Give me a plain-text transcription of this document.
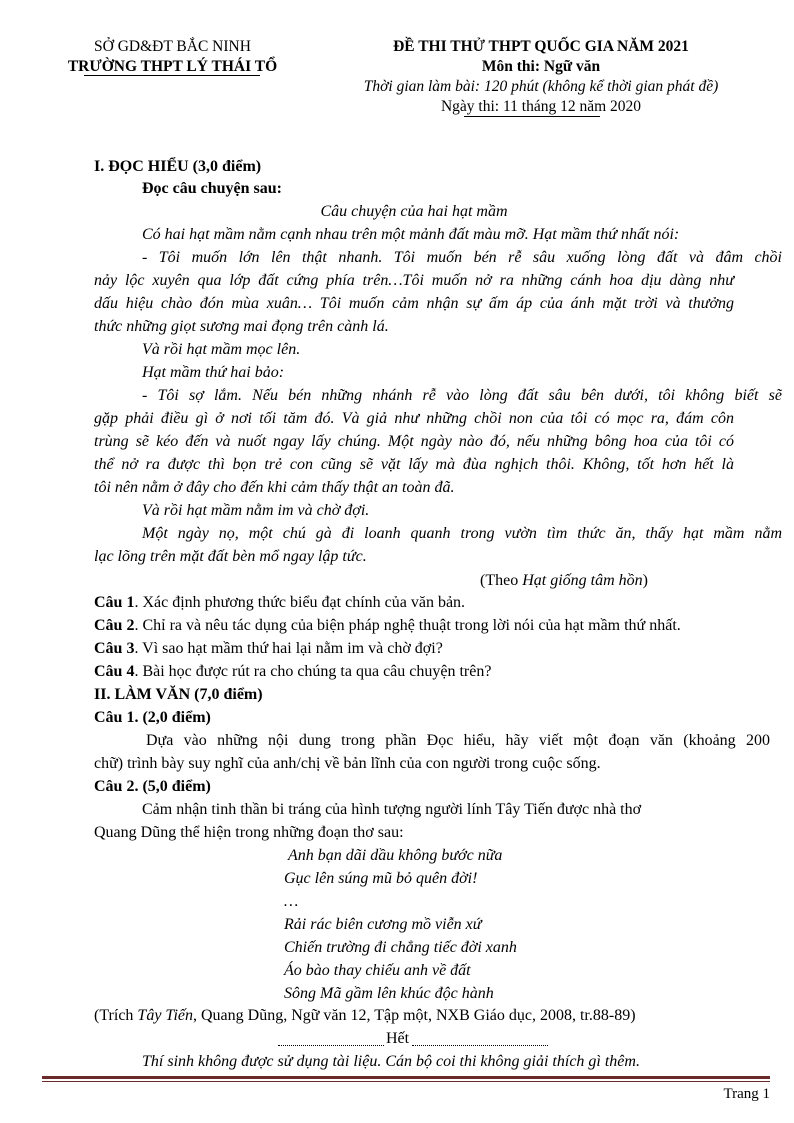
SỞ GD&ĐT BẮC NINH
TRƯỜNG THPT LÝ THÁI TỔ
ĐỀ THI THỬ THPT QUỐC GIA NĂM 2021
Môn thi: Ngữ văn
Thời gian làm bài: 120 phút (không kể thời gian phát đề)
Ngày thi: 11 tháng 12 năm 2020
I. ĐỌC HIỂU (3,0 điểm)
Đọc câu chuyện sau:
Câu chuyện của hai hạt mầm
Có hai hạt mầm nằm cạnh nhau trên một mảnh đất màu mỡ. Hạt mầm thứ nhất nói:
- Tôi muốn lớn lên thật nhanh. Tôi muốn bén rễ sâu xuống lòng đất và đâm chồi
nảy lộc xuyên qua lớp đất cứng phía trên…Tôi muốn nở ra những cánh hoa dịu dàng như
dấu hiệu chào đón mùa xuân… Tôi muốn cảm nhận sự ấm áp của ánh mặt trời và thưởng
thức những giọt sương mai đọng trên cành lá.
Và rồi hạt mầm mọc lên.
Hạt mầm thứ hai bảo:
- Tôi sợ lắm. Nếu bén những nhánh rễ vào lòng đất sâu bên dưới, tôi không biết sẽ
gặp phải điều gì ở nơi tối tăm đó. Và giả như những chồi non của tôi có mọc ra, đám côn
trùng sẽ kéo đến và nuốt ngay lấy chúng. Một ngày nào đó, nếu những bông hoa của tôi có
thể nở ra được thì bọn trẻ con cũng sẽ vặt lấy mà đùa nghịch thôi. Không, tốt hơn hết là
tôi nên nằm ở đây cho đến khi cảm thấy thật an toàn đã.
Và rồi hạt mầm nằm im và chờ đợi.
Một ngày nọ, một chú gà đi loanh quanh trong vườn tìm thức ăn, thấy hạt mầm nằm
lạc lõng trên mặt đất bèn mổ ngay lập tức.
(Theo Hạt giống tâm hồn)
Câu 1. Xác định phương thức biểu đạt chính của văn bản.
Câu 2. Chỉ ra và nêu tác dụng của biện pháp nghệ thuật trong lời nói của hạt mầm thứ nhất.
Câu 3. Vì sao hạt mầm thứ hai lại nằm im và chờ đợi?
Câu 4. Bài học được rút ra cho chúng ta qua câu chuyện trên?
II. LÀM VĂN (7,0 điểm)
Câu 1. (2,0 điểm)
Dựa vào những nội dung trong phần Đọc hiểu, hãy viết một đoạn văn (khoảng 200
chữ) trình bày suy nghĩ của anh/chị về bản lĩnh của con người trong cuộc sống.
Câu 2. (5,0 điểm)
Cảm nhận tinh thần bi tráng của hình tượng người lính Tây Tiến được nhà thơ
Quang Dũng thể hiện trong những đoạn thơ sau:
Anh bạn dãi dầu không bước nữa
Gục lên súng mũ bỏ quên đời!
…
Rải rác biên cương mồ viễn xứ
Chiến trường đi chẳng tiếc đời xanh
Áo bào thay chiếu anh về đất
Sông Mã gầm lên khúc độc hành
(Trích Tây Tiến, Quang Dũng, Ngữ văn 12, Tập một, NXB Giáo dục, 2008, tr.88-89)
Hết
Thí sinh không được sử dụng tài liệu. Cán bộ coi thi không giải thích gì thêm.
Trang 1
